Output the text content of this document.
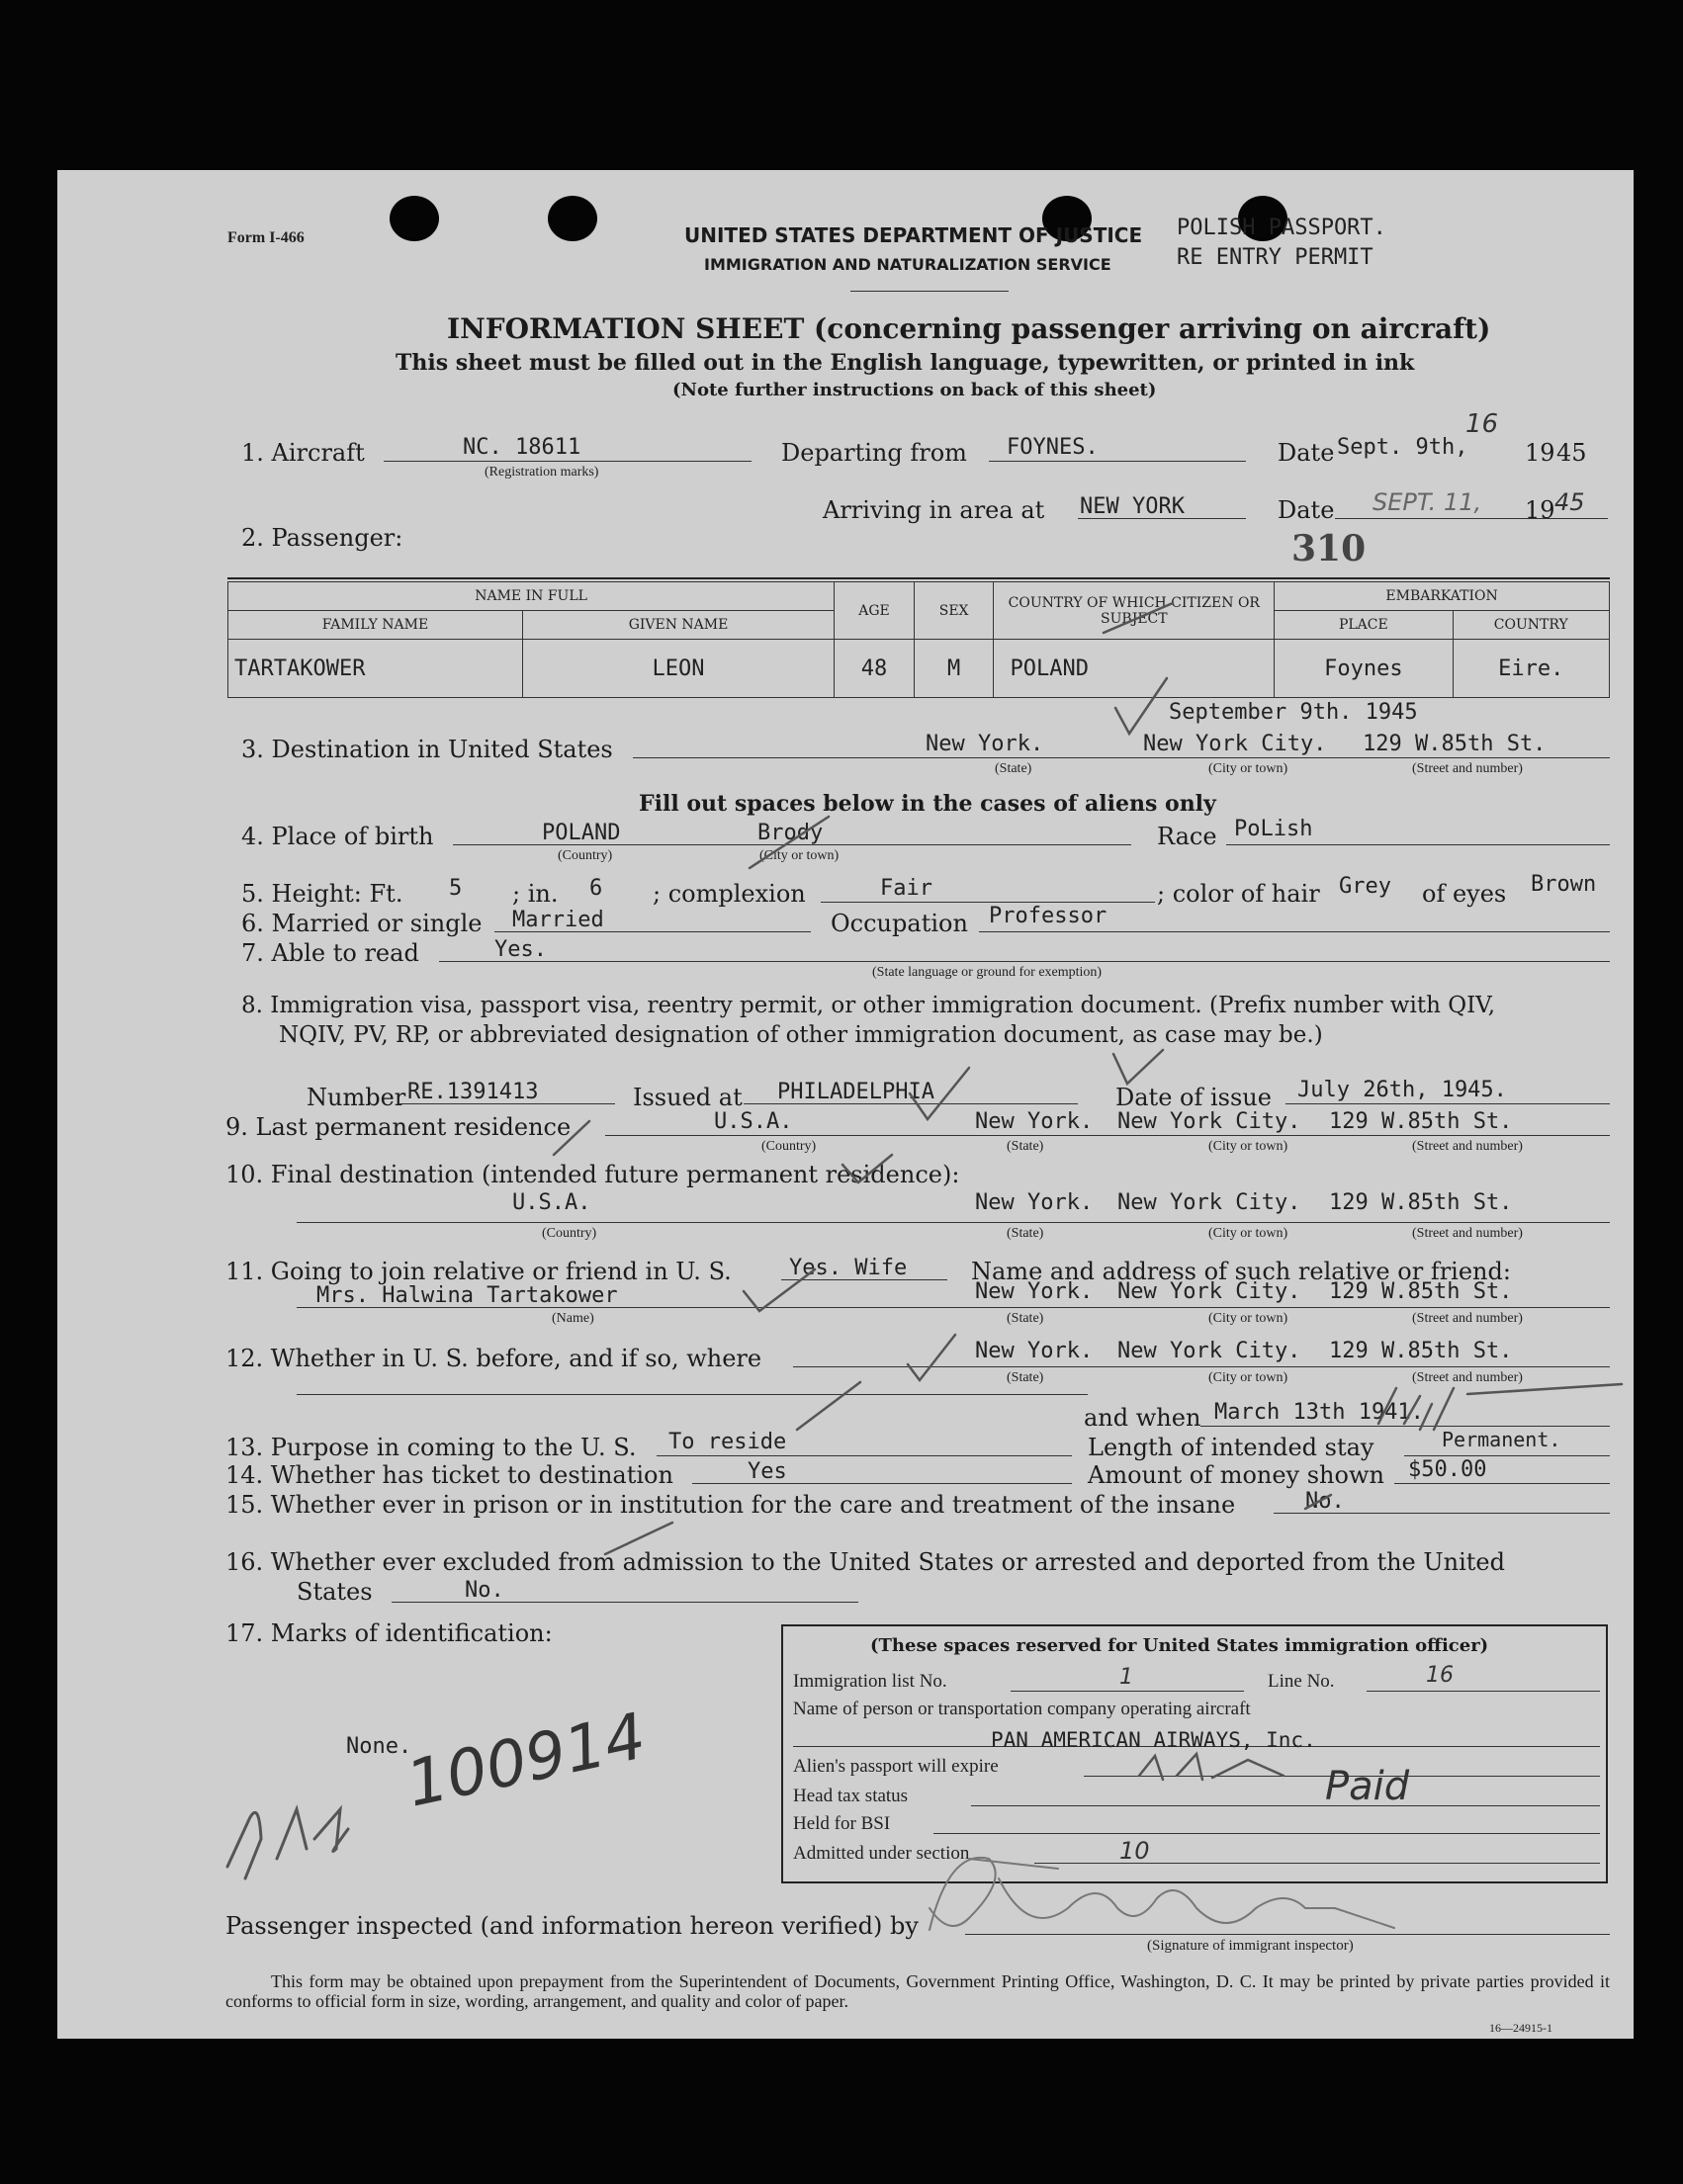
Form I-466	UNITED STATES DEPARTMENT OF JUSTICE
IMMIGRATION AND NATURALIZATION SERVICE
POLISH PASSPORT.
RE ENTRY PERMIT
INFORMATION SHEET (concerning passenger arriving on aircraft)
This sheet must be filled out in the English language, typewritten, or printed in ink
(Note further instructions on back of this sheet)
1. Aircraft	NC. 18611
(Registration marks)
Departing from FOYNES.	Date Sept. 9th, 19 45
16
Arriving in area at NEW YORK	Date SEPT. 11, 19 45
310
2. Passenger:
NAME IN FULL		AGE	SEX	COUNTRY OF WHICH CITIZEN OR SUBJECT	EMBARKATION	
FAMILY NAME	GIVEN NAME				PLACE	COUNTRY
TARTAKOWER	LEON	48	M	POLAND	Foynes	Eire.
September 9th. 1945
3. Destination in United States	New York.	New York City. 129 W.85th St.
(State)	(City or town)	(Street and number)
Fill out spaces below in the cases of aliens only
4. Place of birth	POLAND	Brody
(Country)	(City or town)
Race PoLish
5. Height: Ft. 5 ; in. 6 ; complexion	Fair	; color of hair Grey of eyes Brown
6. Married or single Married	Occupation Professor
7. Able to read	Yes.
(State language or ground for exemption)
8. Immigration visa, passport visa, reentry permit, or other immigration document. (Prefix number with QIV,
NQIV, PV, RP, or abbreviated designation of other immigration document, as case may be.)
Number RE.1391413	Issued at PHILADELPHIA	Date of issue July 26th, 1945.
9. Last permanent residence	U.S.A.	New York. New York City. 129 W.85th St.
(Country)	(State)	(City or town)	(Street and number)
10. Final destination (intended future permanent residence):
U.S.A.	New York. New York City. 129 W.85th St.
(Country)	(State)	(City or town)	(Street and number)
11. Going to join relative or friend in U. S.	Yes. Wife	Name and address of such relative or friend:
Mrs. Halwina Tartakower	New York. New York City. 129 W.85th St.
(Name)	(State)	(City or town)	(Street and number)
12. Whether in U. S. before, and if so, where	New York. New York City. 129 W.85th St.
(State)	(City or town)	(Street and number)
and when March 13th 1941.
13. Purpose in coming to the U. S. To reside	Length of intended stay	Permanent.
14. Whether has ticket to destination	Yes	Amount of money shown $50.00
15. Whether ever in prison or in institution for the care and treatment of the insane	No.
16. Whether ever excluded from admission to the United States or arrested and deported from the United
States	No.
17. Marks of identification:
None.
100914
(These spaces reserved for United States immigration officer)
Immigration list No.	1	Line No.	16
Name of person or transportation company operating aircraft
PAN AMERICAN AIRWAYS, Inc.
Alien's passport will expire
Head tax status	Paid
Held for BSI
Admitted under section	10
Passenger inspected (and information hereon verified) by
(Signature of immigrant inspector)
This form may be obtained upon prepayment from the Superintendent of Documents, Government Printing Office, Washington, D. C. It may be printed by private parties provided it conforms to official form in size, wording, arrangement, and quality and color of paper.
16—24915-1
